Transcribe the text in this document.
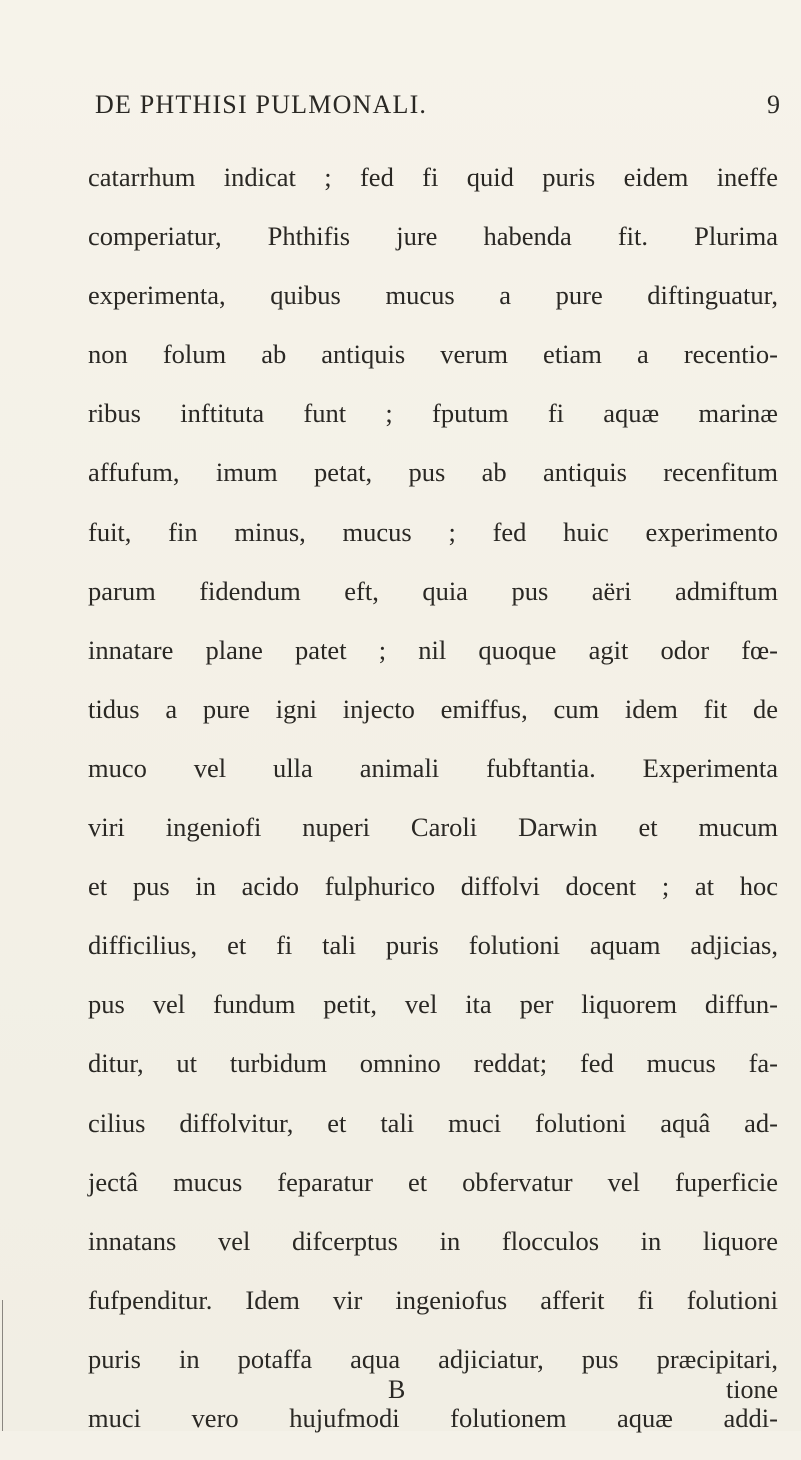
DE PHTHISI PULMONALI.	9
catarrhum indicat ; fed fi quid puris eidem ineffe
comperiatur, Phthifis jure habenda fit. Plurima
experimenta, quibus mucus a pure diftinguatur,
non folum ab antiquis verum etiam a recentio-
ribus inftituta funt ; fputum fi aquæ marinæ
affufum, imum petat, pus ab antiquis recenfitum
fuit, fin minus, mucus ; fed huic experimento
parum fidendum eft, quia pus aëri admiftum
innatare plane patet ; nil quoque agit odor fœ-
tidus a pure igni injecto emiffus, cum idem fit de
muco vel ulla animali fubftantia. Experimenta
viri ingeniofi nuperi Caroli Darwin et mucum
et pus in acido fulphurico diffolvi docent ; at hoc
difficilius, et fi tali puris folutioni aquam adjicias,
pus vel fundum petit, vel ita per liquorem diffun-
ditur, ut turbidum omnino reddat; fed mucus fa-
cilius diffolvitur, et tali muci folutioni aquâ ad-
jectâ mucus feparatur et obfervatur vel fuperficie
innatans vel difcerptus in flocculos in liquore
fufpenditur. Idem vir ingeniofus afferit fi folutioni
puris in potaffa aqua adjiciatur, pus præcipitari,
muci vero hujufmodi folutionem aquæ addi-
B	tione
